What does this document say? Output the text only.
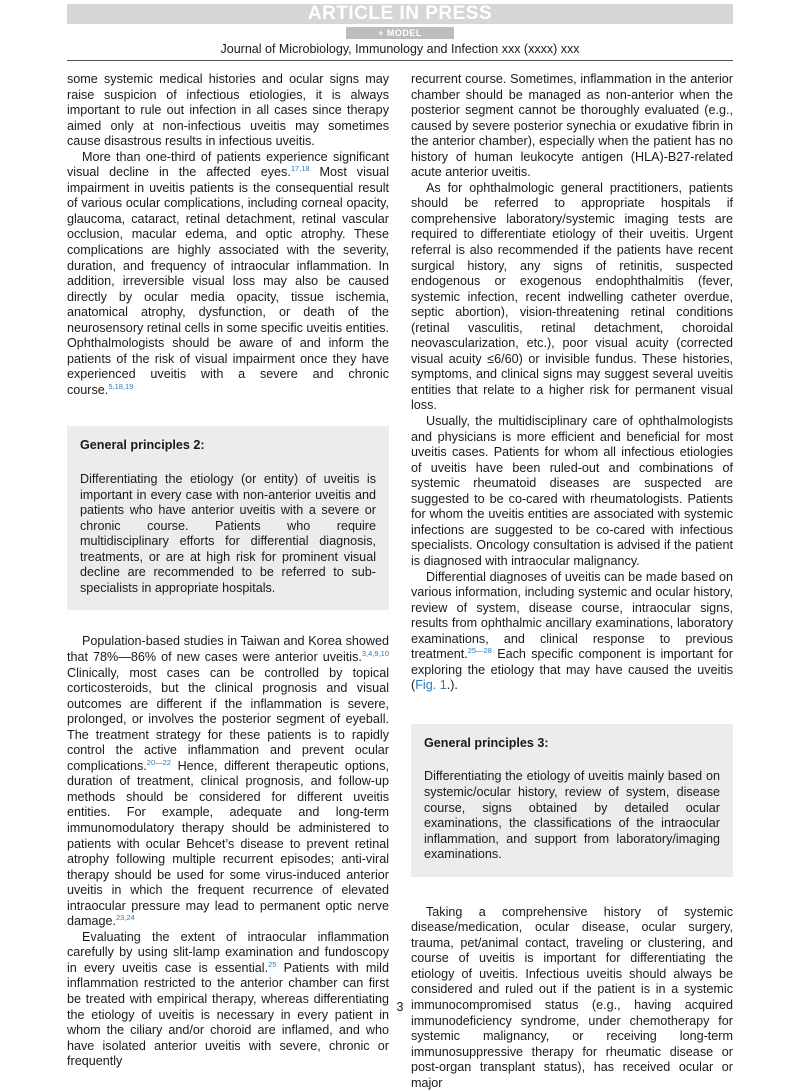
ARTICLE IN PRESS
+ MODEL
Journal of Microbiology, Immunology and Infection xxx (xxxx) xxx

some systemic medical histories and ocular signs may raise suspicion of infectious etiologies, it is always important to rule out infection in all cases since therapy aimed only at non-infectious uveitis may sometimes cause disastrous results in infectious uveitis.

More than one-third of patients experience significant visual decline in the affected eyes.$^{17,18}$ Most visual impairment in uveitis patients is the consequential result of various ocular complications, including corneal opacity, glaucoma, cataract, retinal detachment, retinal vascular occlusion, macular edema, and optic atrophy. These complications are highly associated with the severity, duration, and frequency of intraocular inflammation. In addition, irreversible visual loss may also be caused directly by ocular media opacity, tissue ischemia, anatomical atrophy, dysfunction, or death of the neurosensory retinal cells in some specific uveitis entities. Ophthalmologists should be aware of and inform the patients of the risk of visual impairment once they have experienced uveitis with a severe and chronic course.$^{5,18,19}$

General principles 2:

Differentiating the etiology (or entity) of uveitis is important in every case with non-anterior uveitis and patients who have anterior uveitis with a severe or chronic course. Patients who require multidisciplinary efforts for differential diagnosis, treatments, or are at high risk for prominent visual decline are recommended to be referred to sub-specialists in appropriate hospitals.

Population-based studies in Taiwan and Korea showed that 78%—86% of new cases were anterior uveitis.$^{3,4,9,10}$ Clinically, most cases can be controlled by topical corticosteroids, but the clinical prognosis and visual outcomes are different if the inflammation is severe, prolonged, or involves the posterior segment of eyeball. The treatment strategy for these patients is to rapidly control the active inflammation and prevent ocular complications.$^{20—22}$ Hence, different therapeutic options, duration of treatment, clinical prognosis, and follow-up methods should be considered for different uveitis entities. For example, adequate and long-term immunomodulatory therapy should be administered to patients with ocular Behcet’s disease to prevent retinal atrophy following multiple recurrent episodes; anti-viral therapy should be used for some virus-induced anterior uveitis in which the frequent recurrence of elevated intraocular pressure may lead to permanent optic nerve damage.$^{23,24}$

Evaluating the extent of intraocular inflammation carefully by using slit-lamp examination and fundoscopy in every uveitis case is essential.$^{25}$ Patients with mild inflammation restricted to the anterior chamber can first be treated with empirical therapy, whereas differentiating the etiology of uveitis is necessary in every patient in whom the ciliary and/or choroid are inflamed, and who have isolated anterior uveitis with severe, chronic or frequently

recurrent course. Sometimes, inflammation in the anterior chamber should be managed as non-anterior when the posterior segment cannot be thoroughly evaluated (e.g., caused by severe posterior synechia or exudative fibrin in the anterior chamber), especially when the patient has no history of human leukocyte antigen (HLA)-B27-related acute anterior uveitis.

As for ophthalmologic general practitioners, patients should be referred to appropriate hospitals if comprehensive laboratory/systemic imaging tests are required to differentiate etiology of their uveitis. Urgent referral is also recommended if the patients have recent surgical history, any signs of retinitis, suspected endogenous or exogenous endophthalmitis (fever, systemic infection, recent indwelling catheter overdue, septic abortion), vision-threatening retinal conditions (retinal vasculitis, retinal detachment, choroidal neovascularization, etc.), poor visual acuity (corrected visual acuity ≤6/60) or invisible fundus. These histories, symptoms, and clinical signs may suggest several uveitis entities that relate to a higher risk for permanent visual loss.

Usually, the multidisciplinary care of ophthalmologists and physicians is more efficient and beneficial for most uveitis cases. Patients for whom all infectious etiologies of uveitis have been ruled-out and combinations of systemic rheumatoid diseases are suspected are suggested to be co-cared with rheumatologists. Patients for whom the uveitis entities are associated with systemic infections are suggested to be co-cared with infectious specialists. Oncology consultation is advised if the patient is diagnosed with intraocular malignancy.

Differential diagnoses of uveitis can be made based on various information, including systemic and ocular history, review of system, disease course, intraocular signs, results from ophthalmic ancillary examinations, laboratory examinations, and clinical response to previous treatment.$^{25—28}$ Each specific component is important for exploring the etiology that may have caused the uveitis (Fig. 1.).

General principles 3:

Differentiating the etiology of uveitis mainly based on systemic/ocular history, review of system, disease course, signs obtained by detailed ocular examinations, the classifications of the intraocular inflammation, and support from laboratory/imaging examinations.

Taking a comprehensive history of systemic disease/medication, ocular disease, ocular surgery, trauma, pet/animal contact, traveling or clustering, and course of uveitis is important for differentiating the etiology of uveitis. Infectious uveitis should always be considered and ruled out if the patient is in a systemic immunocompromised status (e.g., having acquired immunodeficiency syndrome, under chemotherapy for systemic malignancy, or receiving long-term immunosuppressive therapy for rheumatic disease or post-organ transplant status), has received ocular or major

3
